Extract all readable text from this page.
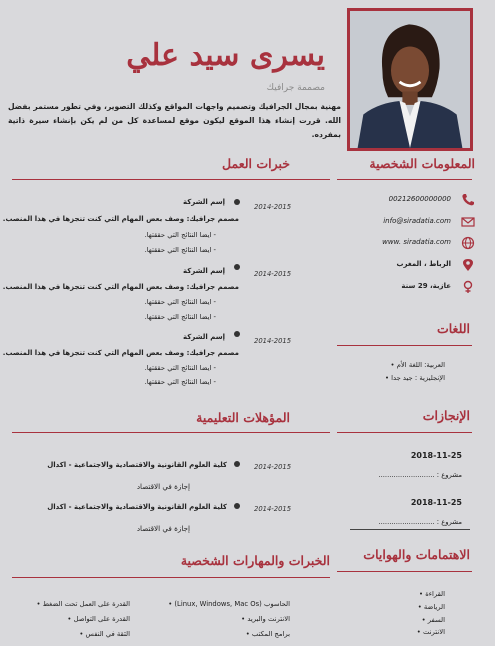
يسرى سيد علي
مصممة جرافيك
مهنية بمجال الجرافيك وتصميم واجهات المواقع وكذلك التصوير، وفي تطور مستمر بفضل الله. قررت إنشاء هذا الموقع ليكون موقع لمساعدة كل من لم يكن بإنشاء سيرة ذاتية بمفرده.
خبرات العمل
2014-2015
إسم الشركة
مصمم جرافيك: وصف بعض المهام التي كنت تنجزها في هذا المنصب.
- ايضا النتائج التي حققتها.
- ايضا النتائج التي حققتها.
2014-2015
إسم الشركة
مصمم جرافيك: وصف بعض المهام التي كنت تنجزها في هذا المنصب.
- ايضا النتائج التي حققتها.
- ايضا النتائج التي حققتها.
2014-2015
إسم الشركة
مصمم جرافيك: وصف بعض المهام التي كنت تنجزها في هذا المنصب.
- ايضا النتائج التي حققتها.
- ايضا النتائج التي حققتها.
المؤهلات التعليمية
2014-2015
كلية العلوم القانونية والاقتصادية والاجتماعية - اكدال
إجازة في الاقتصاد
2014-2015
كلية العلوم القانونية والاقتصادية والاجتماعية - اكدال
إجازة في الاقتصاد
الخبرات والمهارات الشخصية
الحاسوب (Linux, Windows, Mac Os) •
الانترنت والبريد •
برامج المكتب •
القدرة على العمل تحت الضغط •
القدرة على التواصل •
الثقة في النفس •
المعلومات الشخصية
00212600000000
info@siradatia.com
www. siradatia.com
الرباط ، المغرب
عازبة، 29 سنة
اللغات
العربية: اللغة الأم •
الإنجليزية : جيد جدا •
الإنجازات
2018-11-25
مشروع : ..........................
2018-11-25
مشروع : ..........................
الاهتمامات والهوايات
القراءة •
الرياضة •
السفر •
الانترنت •
